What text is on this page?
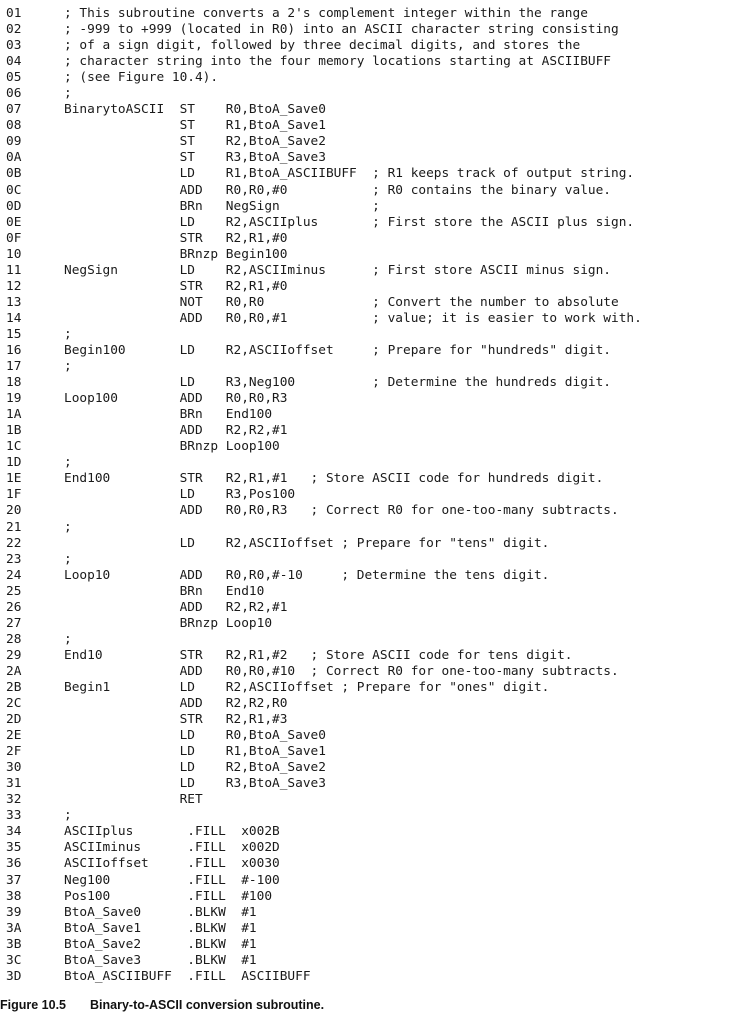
01	; This subroutine converts a 2's complement integer within the range
02	; -999 to +999 (located in R0) into an ASCII character string consisting
03	; of a sign digit, followed by three decimal digits, and stores the
04	; character string into the four memory locations starting at ASCIIBUFF
05	; (see Figure 10.4).
06	;
07	BinarytoASCII  ST    R0,BtoA_Save0
08	ST    R1,BtoA_Save1
09	ST    R2,BtoA_Save2
0A	ST    R3,BtoA_Save3
0B	LD    R1,BtoA_ASCIIBUFF  ; R1 keeps track of output string.
0C	ADD   R0,R0,#0           ; R0 contains the binary value.
0D	BRn   NegSign            ;
0E	LD    R2,ASCIIplus       ; First store the ASCII plus sign.
0F	STR   R2,R1,#0
10	BRnzp Begin100
11	NegSign        LD    R2,ASCIIminus      ; First store ASCII minus sign.
12	STR   R2,R1,#0
13	NOT   R0,R0              ; Convert the number to absolute
14	ADD   R0,R0,#1           ; value; it is easier to work with.
15	;
16	Begin100       LD    R2,ASCIIoffset     ; Prepare for "hundreds" digit.
17	;
18	LD    R3,Neg100          ; Determine the hundreds digit.
19	Loop100        ADD   R0,R0,R3
1A	BRn   End100
1B	ADD   R2,R2,#1
1C	BRnzp Loop100
1D	;
1E	End100         STR   R2,R1,#1   ; Store ASCII code for hundreds digit.
1F	LD    R3,Pos100
20	ADD   R0,R0,R3   ; Correct R0 for one-too-many subtracts.
21	;
22	LD    R2,ASCIIoffset ; Prepare for "tens" digit.
23	;
24	Loop10         ADD   R0,R0,#-10     ; Determine the tens digit.
25	BRn   End10
26	ADD   R2,R2,#1
27	BRnzp Loop10
28	;
29	End10          STR   R2,R1,#2   ; Store ASCII code for tens digit.
2A	ADD   R0,R0,#10  ; Correct R0 for one-too-many subtracts.
2B	Begin1         LD    R2,ASCIIoffset ; Prepare for "ones" digit.
2C	ADD   R2,R2,R0
2D	STR   R2,R1,#3
2E	LD    R0,BtoA_Save0
2F	LD    R1,BtoA_Save1
30	LD    R2,BtoA_Save2
31	LD    R3,BtoA_Save3
32	RET
33	;
34	ASCIIplus       .FILL  x002B
35	ASCIIminus      .FILL  x002D
36	ASCIIoffset     .FILL  x0030
37	Neg100          .FILL  #-100
38	Pos100          .FILL  #100
39	BtoA_Save0      .BLKW  #1
3A	BtoA_Save1      .BLKW  #1
3B	BtoA_Save2      .BLKW  #1
3C	BtoA_Save3      .BLKW  #1
3D	BtoA_ASCIIBUFF  .FILL  ASCIIBUFF
Figure 10.5 Binary-to-ASCII conversion subroutine.
